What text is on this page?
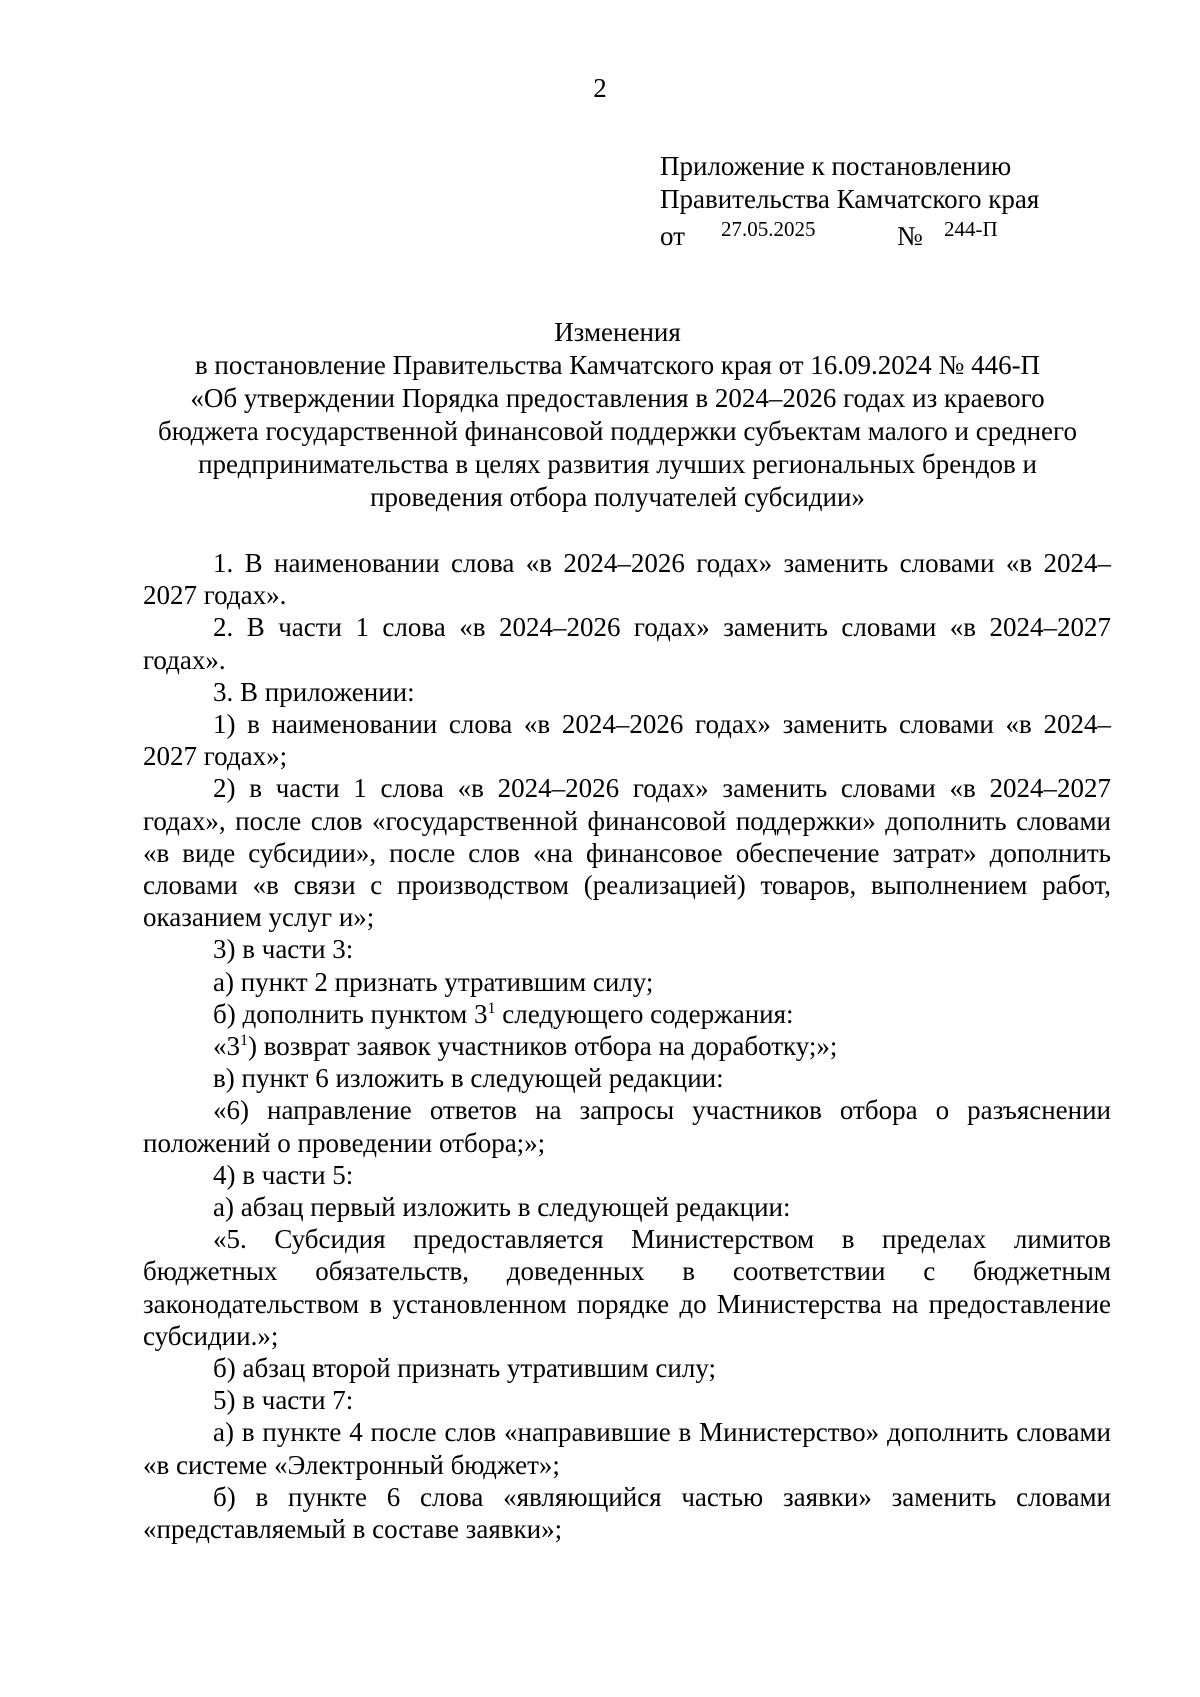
2
Приложение к постановлению
Правительства Камчатского края
от 27.05.2025	№ 244-П
Изменения
в постановление Правительства Камчатского края от 16.09.2024 № 446-П
«Об утверждении Порядка предоставления в 2024–2026 годах из краевого
бюджета государственной финансовой поддержки субъектам малого и среднего
предпринимательства в целях развития лучших региональных брендов и
проведения отбора получателей субсидии»

1. В наименовании слова «в 2024–2026 годах» заменить словами «в 2024–2027 годах».

2. В части 1 слова «в 2024–2026 годах» заменить словами «в 2024–2027 годах».

3. В приложении:

1) в наименовании слова «в 2024–2026 годах» заменить словами «в 2024–2027 годах»;

2) в части 1 слова «в 2024–2026 годах» заменить словами «в 2024–2027 годах», после слов «государственной финансовой поддержки» дополнить словами «в виде субсидии», после слов «на финансовое обеспечение затрат» дополнить словами «в связи с производством (реализацией) товаров, выполнением работ, оказанием услуг и»;

3) в части 3:

а) пункт 2 признать утратившим силу;

б) дополнить пунктом $3^1$ следующего содержания:

«$3^1$) возврат заявок участников отбора на доработку;»;

в) пункт 6 изложить в следующей редакции:

«6) направление ответов на запросы участников отбора о разъяснении положений о проведении отбора;»;

4) в части 5:

а) абзац первый изложить в следующей редакции:

«5. Субсидия предоставляется Министерством в пределах лимитов бюджетных обязательств, доведенных в соответствии с бюджетным законодательством в установленном порядке до Министерства на предоставление субсидии.»;

б) абзац второй признать утратившим силу;

5) в части 7:

а) в пункте 4 после слов «направившие в Министерство» дополнить словами «в системе «Электронный бюджет»;

б) в пункте 6 слова «являющийся частью заявки» заменить словами «представляемый в составе заявки»;
